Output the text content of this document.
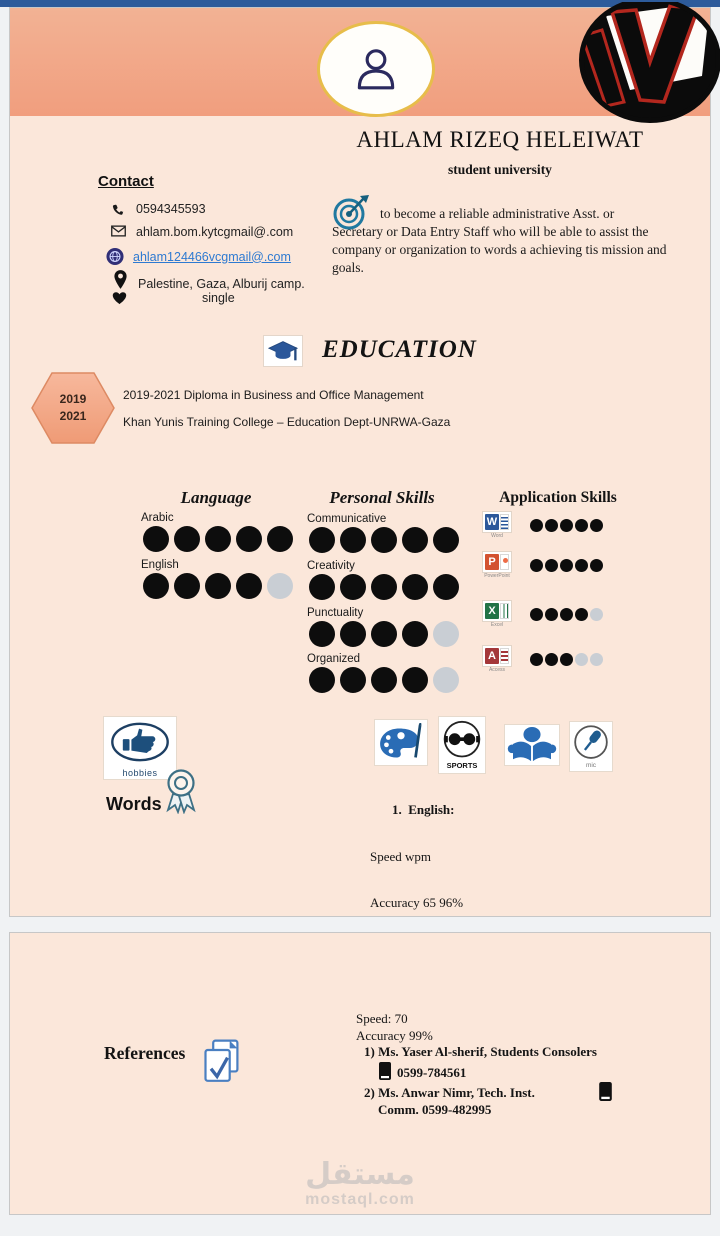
AHLAM RIZEQ HELEIWAT
student university
Contact
0594345593
ahlam.bom.kytcgmail@.com
ahlam124466vcgmail@.com
Palestine, Gaza, Alburij camp.
single
to become a reliable administrative Asst. or Secretary or Data Entry Staff who will be able to assist the company or organization to words a achieving tis mission and goals.
EDUCATION
2019
2021
2019-2021 Diploma in Business and Office Management
Khan Yunis Training College – Education Dept-UNRWA-Gaza
Language
Arabic
English
Personal Skills
Communicative
Creativity
Punctuality
Organized
Application Skills
W
Word
P
PowerPoint
X
Excel
A
Access
hobbies
Words
SPORTS	mic

1.  English:

Speed wpm

Accuracy 65 96%

References
Speed: 70
Accuracy 99%
1) Ms. Yaser Al-sherif, Students Consolers
0599-784561
2) Ms. Anwar Nimr, Tech. Inst.
Comm. 0599-482995
مستقل
mostaql.com
